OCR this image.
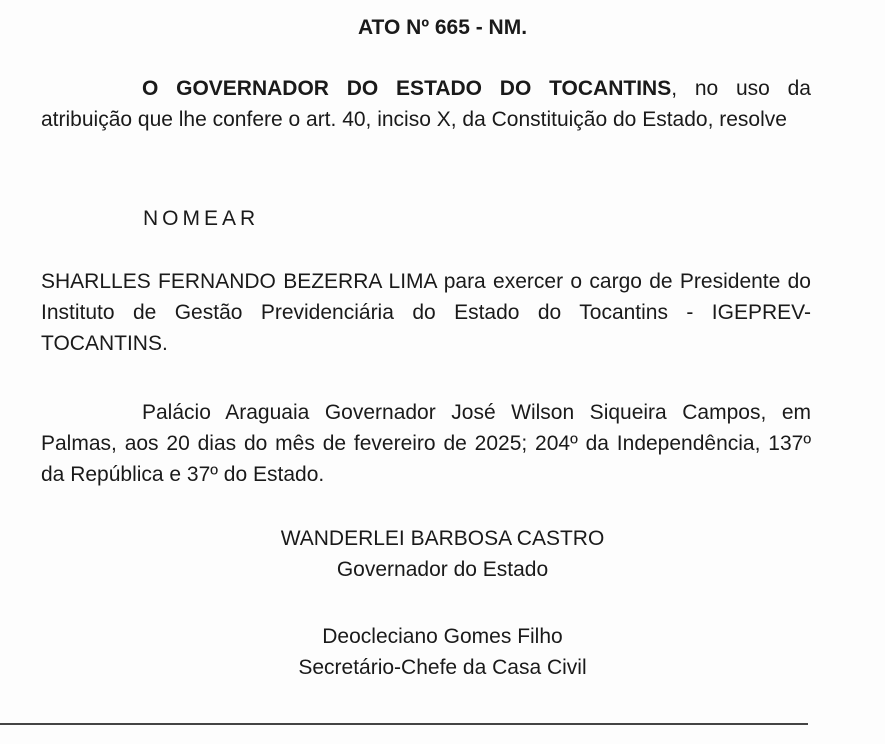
ATO Nº 665 - NM.

O GOVERNADOR DO ESTADO DO TOCANTINS, no uso da atribuição que lhe confere o art. 40, inciso X, da Constituição do Estado, resolve

NOMEAR

SHARLLES FERNANDO BEZERRA LIMA para exercer o cargo de Presidente do Instituto de Gestão Previdenciária do Estado do Tocantins - IGEPREV-TOCANTINS.

Palácio Araguaia Governador José Wilson Siqueira Campos, em Palmas, aos 20 dias do mês de fevereiro de 2025; 204º da Independência, 137º da República e 37º do Estado.

WANDERLEI BARBOSA CASTRO
Governador do Estado
Deocleciano Gomes Filho
Secretário-Chefe da Casa Civil
